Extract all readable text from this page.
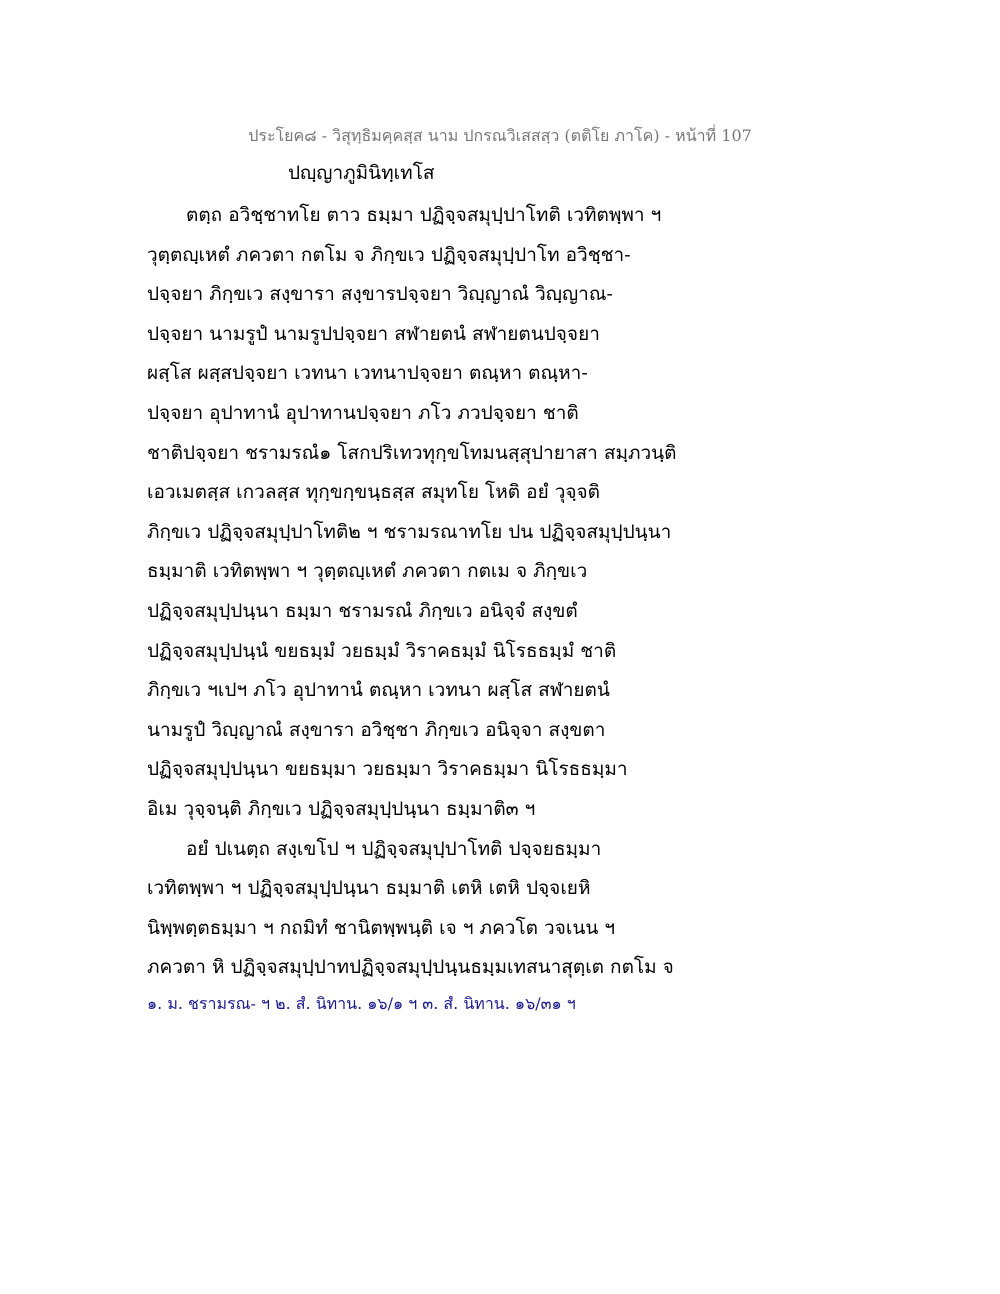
ประโยค๘ - วิสุทฺธิมคฺคสฺส นาม ปกรณวิเสสสฺว (ตติโย ภาโค) - หน้าที่ 107
ปญฺญาภูมินิทฺเทโส
ตตฺถ อวิชฺชาทโย ตาว ธมฺมา ปฏิจฺจสมุปฺปาโทติ เวทิตพฺพา ฯ
วุตฺตญฺเหตํ ภควตา กตโม จ ภิกฺขเว ปฏิจฺจสมุปฺปาโท อวิชฺชา-
ปจฺจยา ภิกฺขเว สงฺขารา สงฺขารปจฺจยา วิญฺญาณํ วิญฺญาณ-
ปจฺจยา นามรูปํ นามรูปปจฺจยา สฬายตนํ สฬายตนปจฺจยา
ผสฺโส ผสฺสปจฺจยา เวทนา เวทนาปจฺจยา ตณฺหา ตณฺหา-
ปจฺจยา อุปาทานํ อุปาทานปจฺจยา ภโว ภวปจฺจยา ชาติ
ชาติปจฺจยา ชรามรณํ๑ โสกปริเทวทุกฺขโทมนสฺสุปายาสา สมฺภวนฺติ
เอวเมตสฺส เกวลสฺส ทุกฺขกฺขนฺธสฺส สมุทโย โหติ อยํ วุจฺจติ
ภิกฺขเว ปฏิจฺจสมุปฺปาโทติ๒ ฯ ชรามรณาทโย ปน ปฏิจฺจสมุปฺปนฺนา
ธมฺมาติ เวทิตพฺพา ฯ วุตฺตญฺเหตํ ภควตา กตเม จ ภิกฺขเว
ปฏิจฺจสมุปฺปนฺนา ธมฺมา ชรามรณํ ภิกฺขเว อนิจฺจํ สงฺขตํ
ปฏิจฺจสมุปฺปนฺนํ ขยธมฺมํ วยธมฺมํ วิราคธมฺมํ นิโรธธมฺมํ ชาติ
ภิกฺขเว ฯเปฯ ภโว อุปาทานํ ตณฺหา เวทนา ผสฺโส สฬายตนํ
นามรูปํ วิญฺญาณํ สงฺขารา อวิชฺชา ภิกฺขเว อนิจฺจา สงฺขตา
ปฏิจฺจสมุปฺปนฺนา ขยธมฺมา วยธมฺมา วิราคธมฺมา นิโรธธมฺมา
อิเม วุจฺจนฺติ ภิกฺขเว ปฏิจฺจสมุปฺปนฺนา ธมฺมาติ๓ ฯ
อยํ ปเนตฺถ สงฺเขโป ฯ ปฏิจฺจสมุปฺปาโทติ ปจฺจยธมฺมา
เวทิตพฺพา ฯ ปฏิจฺจสมุปฺปนฺนา ธมฺมาติ เตหิ เตหิ ปจฺจเยหิ
นิพฺพตฺตธมฺมา ฯ กถมิทํ ชานิตพฺพนฺติ เจ ฯ ภควโต วจเนน ฯ
ภควตา หิ ปฏิจฺจสมุปฺปาทปฏิจฺจสมุปฺปนฺนธมฺมเทสนาสุตฺเต กตโม จ
๑. ม. ชรามรณ- ฯ ๒. สํ. นิทาน. ๑๖/๑ ฯ ๓. สํ. นิทาน. ๑๖/๓๑ ฯ
